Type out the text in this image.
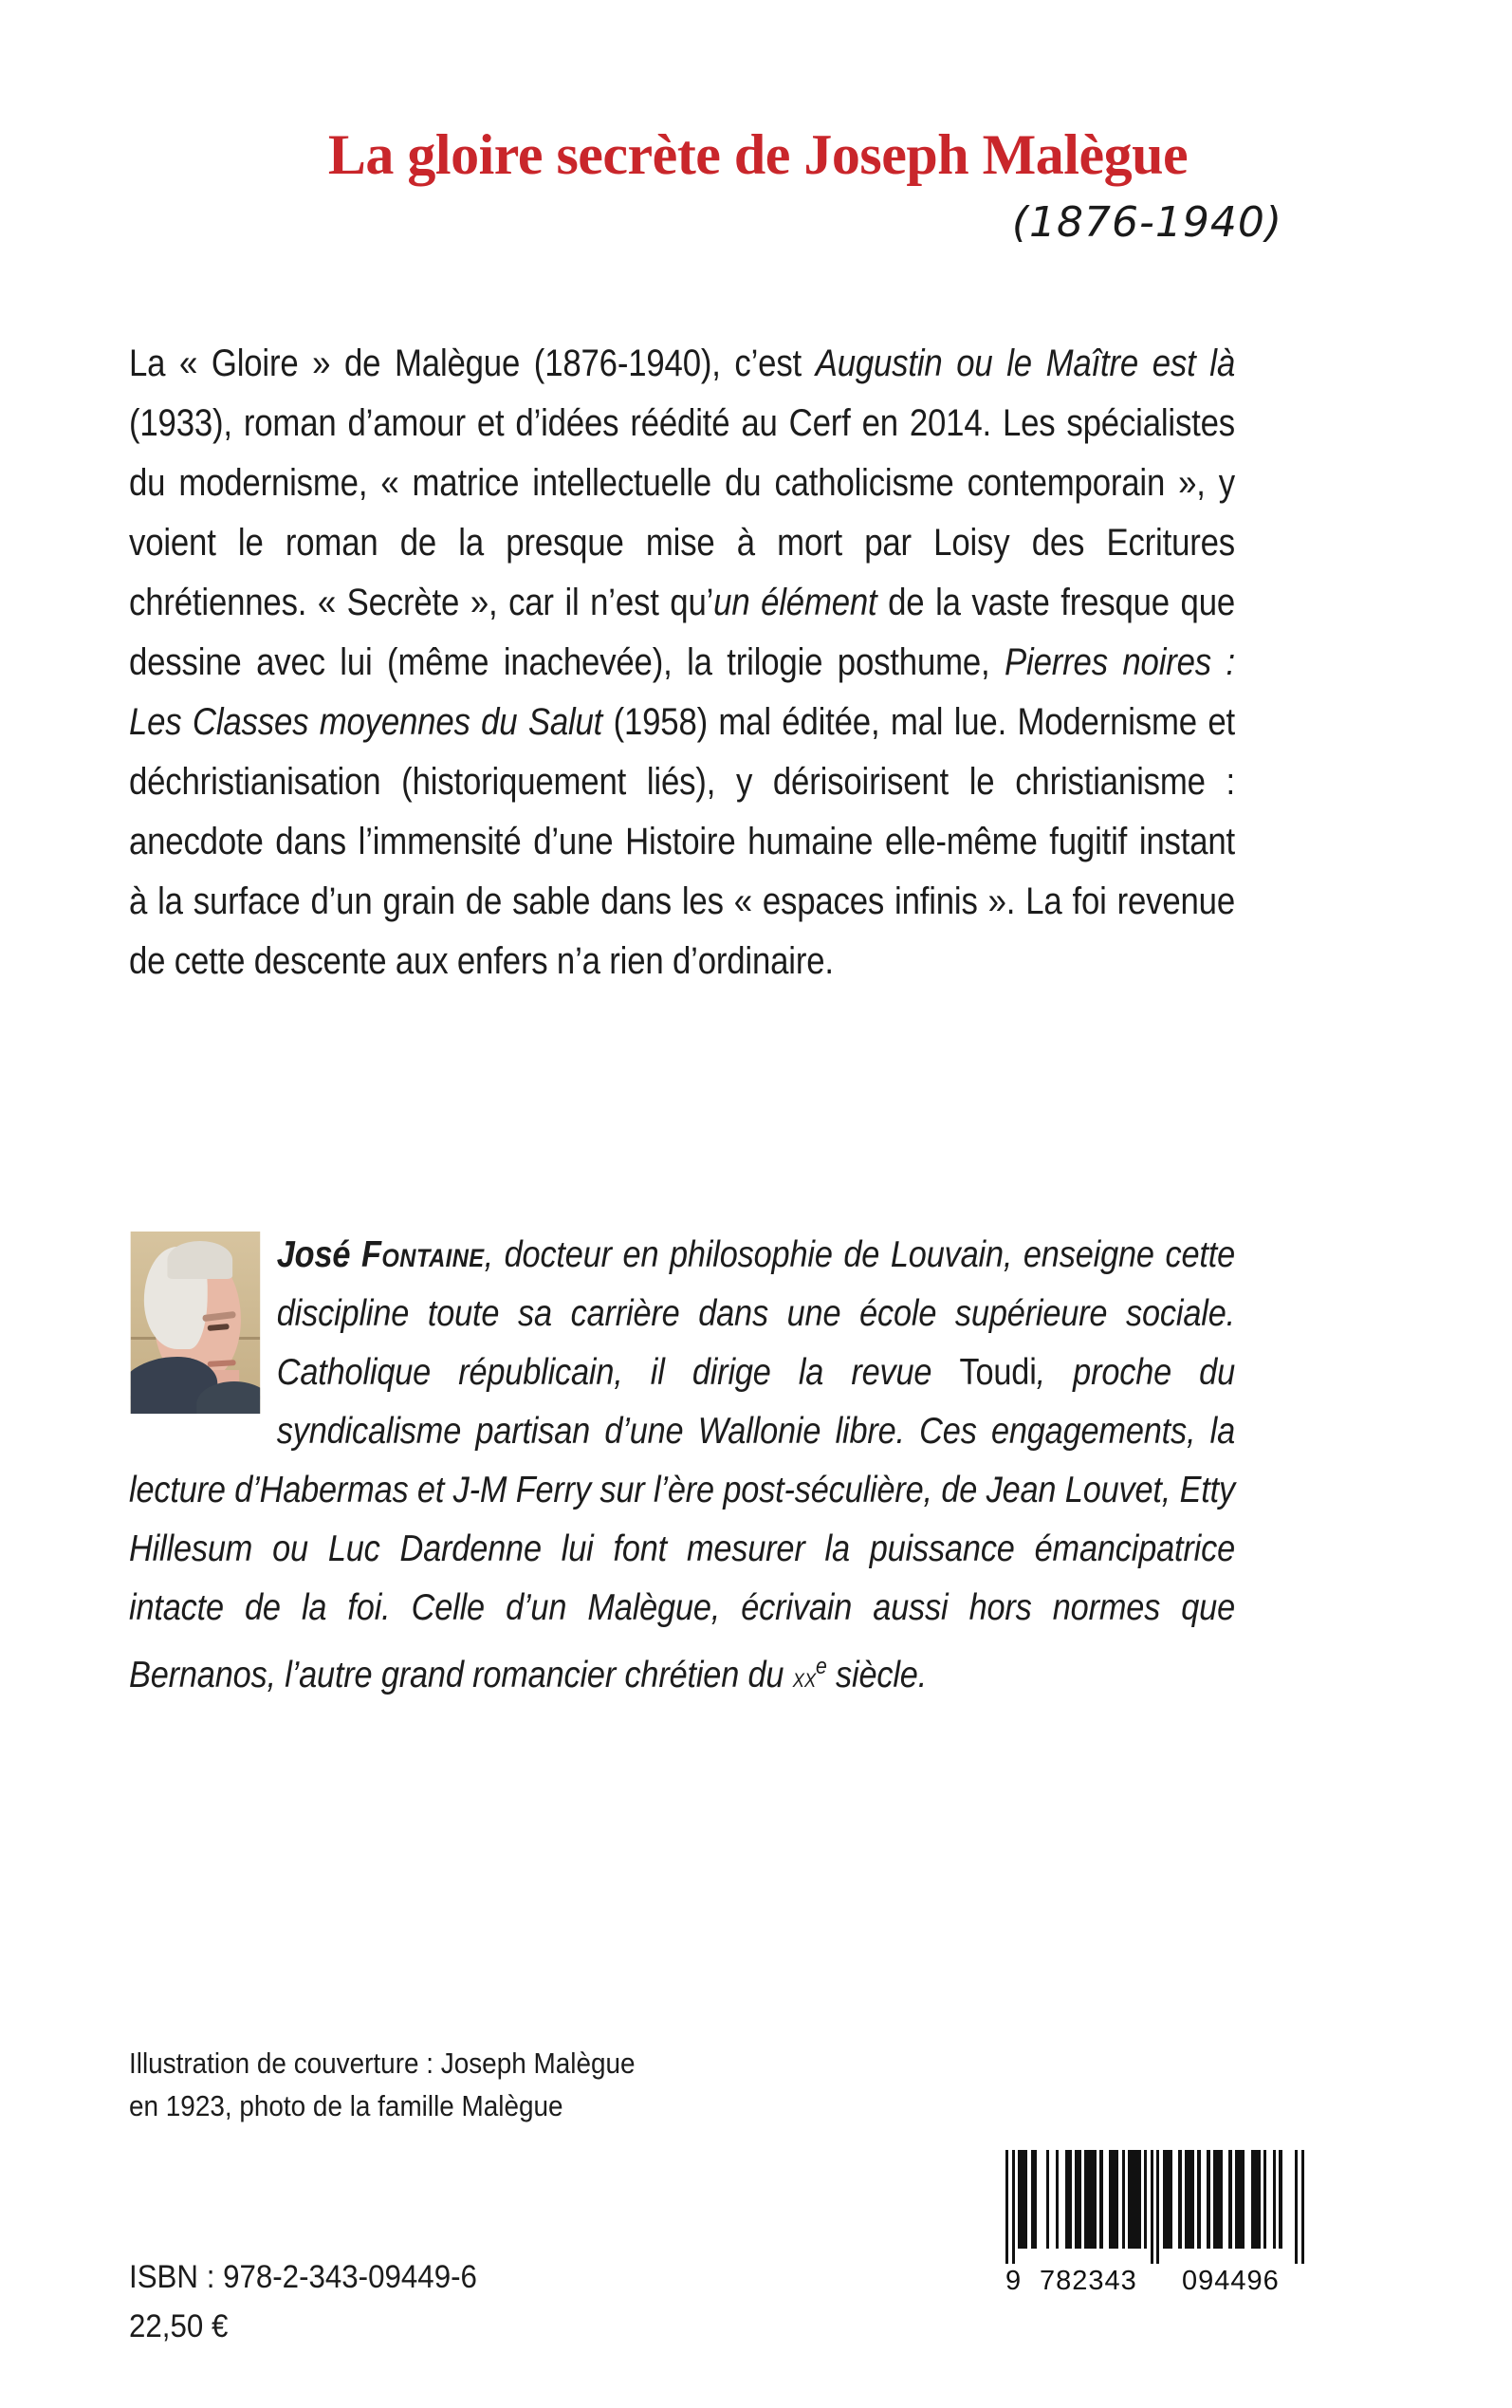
La gloire secrète de Joseph Malègue
(1876-1940)
La « Gloire » de Malègue (1876-1940), c’est Augustin ou le Maître est là (1933), roman d’amour et d’idées réédité au Cerf en 2014. Les spécialistes du modernisme, « matrice intellectuelle du catholicisme contemporain », y voient le roman de la presque mise à mort par Loisy des Ecritures chrétiennes. « Secrète », car il n’est qu’un élément de la vaste fresque que dessine avec lui (même inachevée), la trilogie posthume, Pierres noires : Les Classes moyennes du Salut (1958) mal éditée, mal lue. Modernisme et déchristianisation (historiquement liés), y dérisoirisent le christianisme : anecdote dans l’immensité d’une Histoire humaine elle-même fugitif instant à la surface d’un grain de sable dans les « espaces infinis ». La foi revenue de cette descente aux enfers n’a rien d’ordinaire.
José Fontaine, docteur en philosophie de Louvain, enseigne cette discipline toute sa carrière dans une école supérieure sociale. Catholique républicain, il dirige la revue Toudi, proche du syndicalisme partisan d’une Wallonie libre. Ces engagements, la lecture d’Habermas et J-M Ferry sur l’ère post-séculière, de Jean Louvet, Etty Hillesum ou Luc Dardenne lui font mesurer la puissance émancipatrice intacte de la foi. Celle d’un Malègue, écrivain aussi hors normes que Bernanos, l’autre grand romancier chrétien du $xx^e$ siècle.
Illustration de couverture : Joseph Malègue
en 1923, photo de la famille Malègue
ISBN : 978-2-343-09449-6
22,50 €
9 782343 094496
